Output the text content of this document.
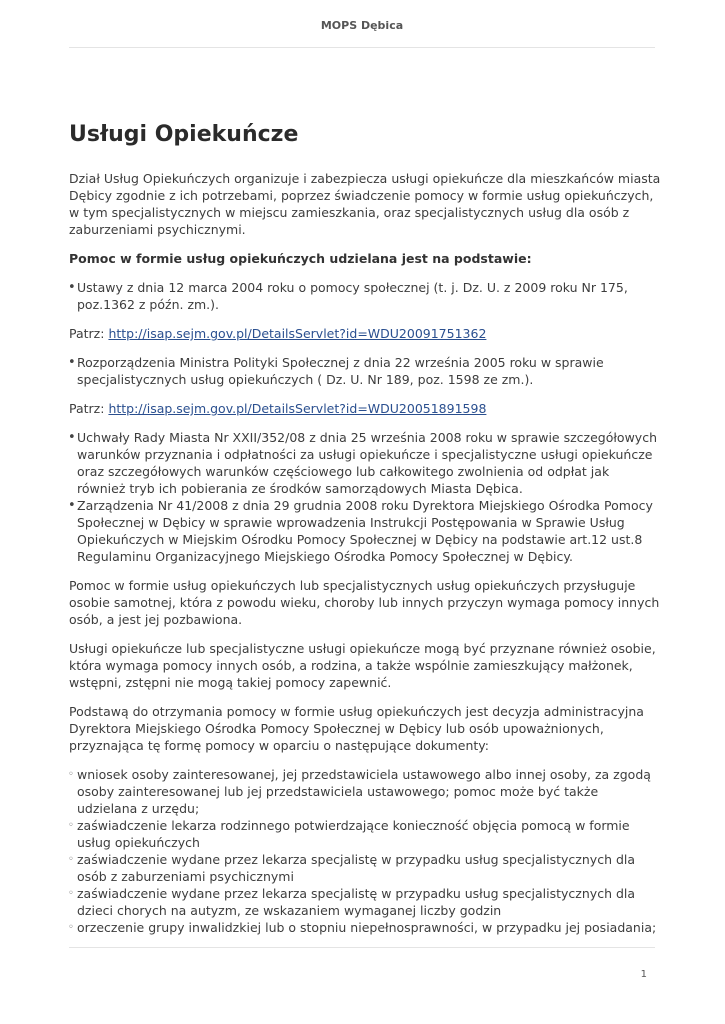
MOPS Dębica
Usługi Opiekuńcze

Dział Usług Opiekuńczych organizuje i zabezpiecza usługi opiekuńcze dla mieszkańców miasta Dębicy zgodnie z ich potrzebami, poprzez świadczenie pomocy w formie usług opiekuńczych, w tym specjalistycznych w miejscu zamieszkania, oraz specjalistycznych usług dla osób z zaburzeniami psychicznymi.

Pomoc w formie usług opiekuńczych udzielana jest na podstawie:

• Ustawy z dnia 12 marca 2004 roku o pomocy społecznej (t. j. Dz. U. z 2009 roku Nr 175, poz.1362 z późn. zm.).

Patrz: http://isap.sejm.gov.pl/DetailsServlet?id=WDU20091751362

• Rozporządzenia Ministra Polityki Społecznej z dnia 22 września 2005 roku w sprawie specjalistycznych usług opiekuńczych ( Dz. U. Nr 189, poz. 1598 ze zm.).

Patrz: http://isap.sejm.gov.pl/DetailsServlet?id=WDU20051891598

• Uchwały Rady Miasta Nr XXII/352/08 z dnia 25 września 2008 roku w sprawie szczegółowych warunków przyznania i odpłatności za usługi opiekuńcze i specjalistyczne usługi opiekuńcze oraz szczegółowych warunków częściowego lub całkowitego zwolnienia od odpłat jak również tryb ich pobierania ze środków samorządowych Miasta Dębica.
• Zarządzenia Nr 41/2008 z dnia 29 grudnia 2008 roku Dyrektora Miejskiego Ośrodka Pomocy Społecznej w Dębicy w sprawie wprowadzenia Instrukcji Postępowania w Sprawie Usług Opiekuńczych w Miejskim Ośrodku Pomocy Społecznej w Dębicy na podstawie art.12 ust.8 Regulaminu Organizacyjnego Miejskiego Ośrodka Pomocy Społecznej w Dębicy.

Pomoc w formie usług opiekuńczych lub specjalistycznych usług opiekuńczych przysługuje osobie samotnej, która z powodu wieku, choroby lub innych przyczyn wymaga pomocy innych osób, a jest jej pozbawiona.

Usługi opiekuńcze lub specjalistyczne usługi opiekuńcze mogą być przyznane również osobie, która wymaga pomocy innych osób, a rodzina, a także wspólnie zamieszkujący małżonek, wstępni, zstępni nie mogą takiej pomocy zapewnić.

Podstawą do otrzymania pomocy w formie usług opiekuńczych jest decyzja administracyjna Dyrektora Miejskiego Ośrodka Pomocy Społecznej w Dębicy lub osób upoważnionych, przyznająca tę formę pomocy w oparciu o następujące dokumenty:

◦ wniosek osoby zainteresowanej, jej przedstawiciela ustawowego albo innej osoby, za zgodą osoby zainteresowanej lub jej przedstawiciela ustawowego; pomoc może być także udzielana z urzędu;
◦ zaświadczenie lekarza rodzinnego potwierdzające konieczność objęcia pomocą w formie usług opiekuńczych
◦ zaświadczenie wydane przez lekarza specjalistę w przypadku usług specjalistycznych dla osób z zaburzeniami psychicznymi
◦ zaświadczenie wydane przez lekarza specjalistę w przypadku usług specjalistycznych dla dzieci chorych na autyzm, ze wskazaniem wymaganej liczby godzin
◦ orzeczenie grupy inwalidzkiej lub o stopniu niepełnosprawności, w przypadku jej posiadania;
1
